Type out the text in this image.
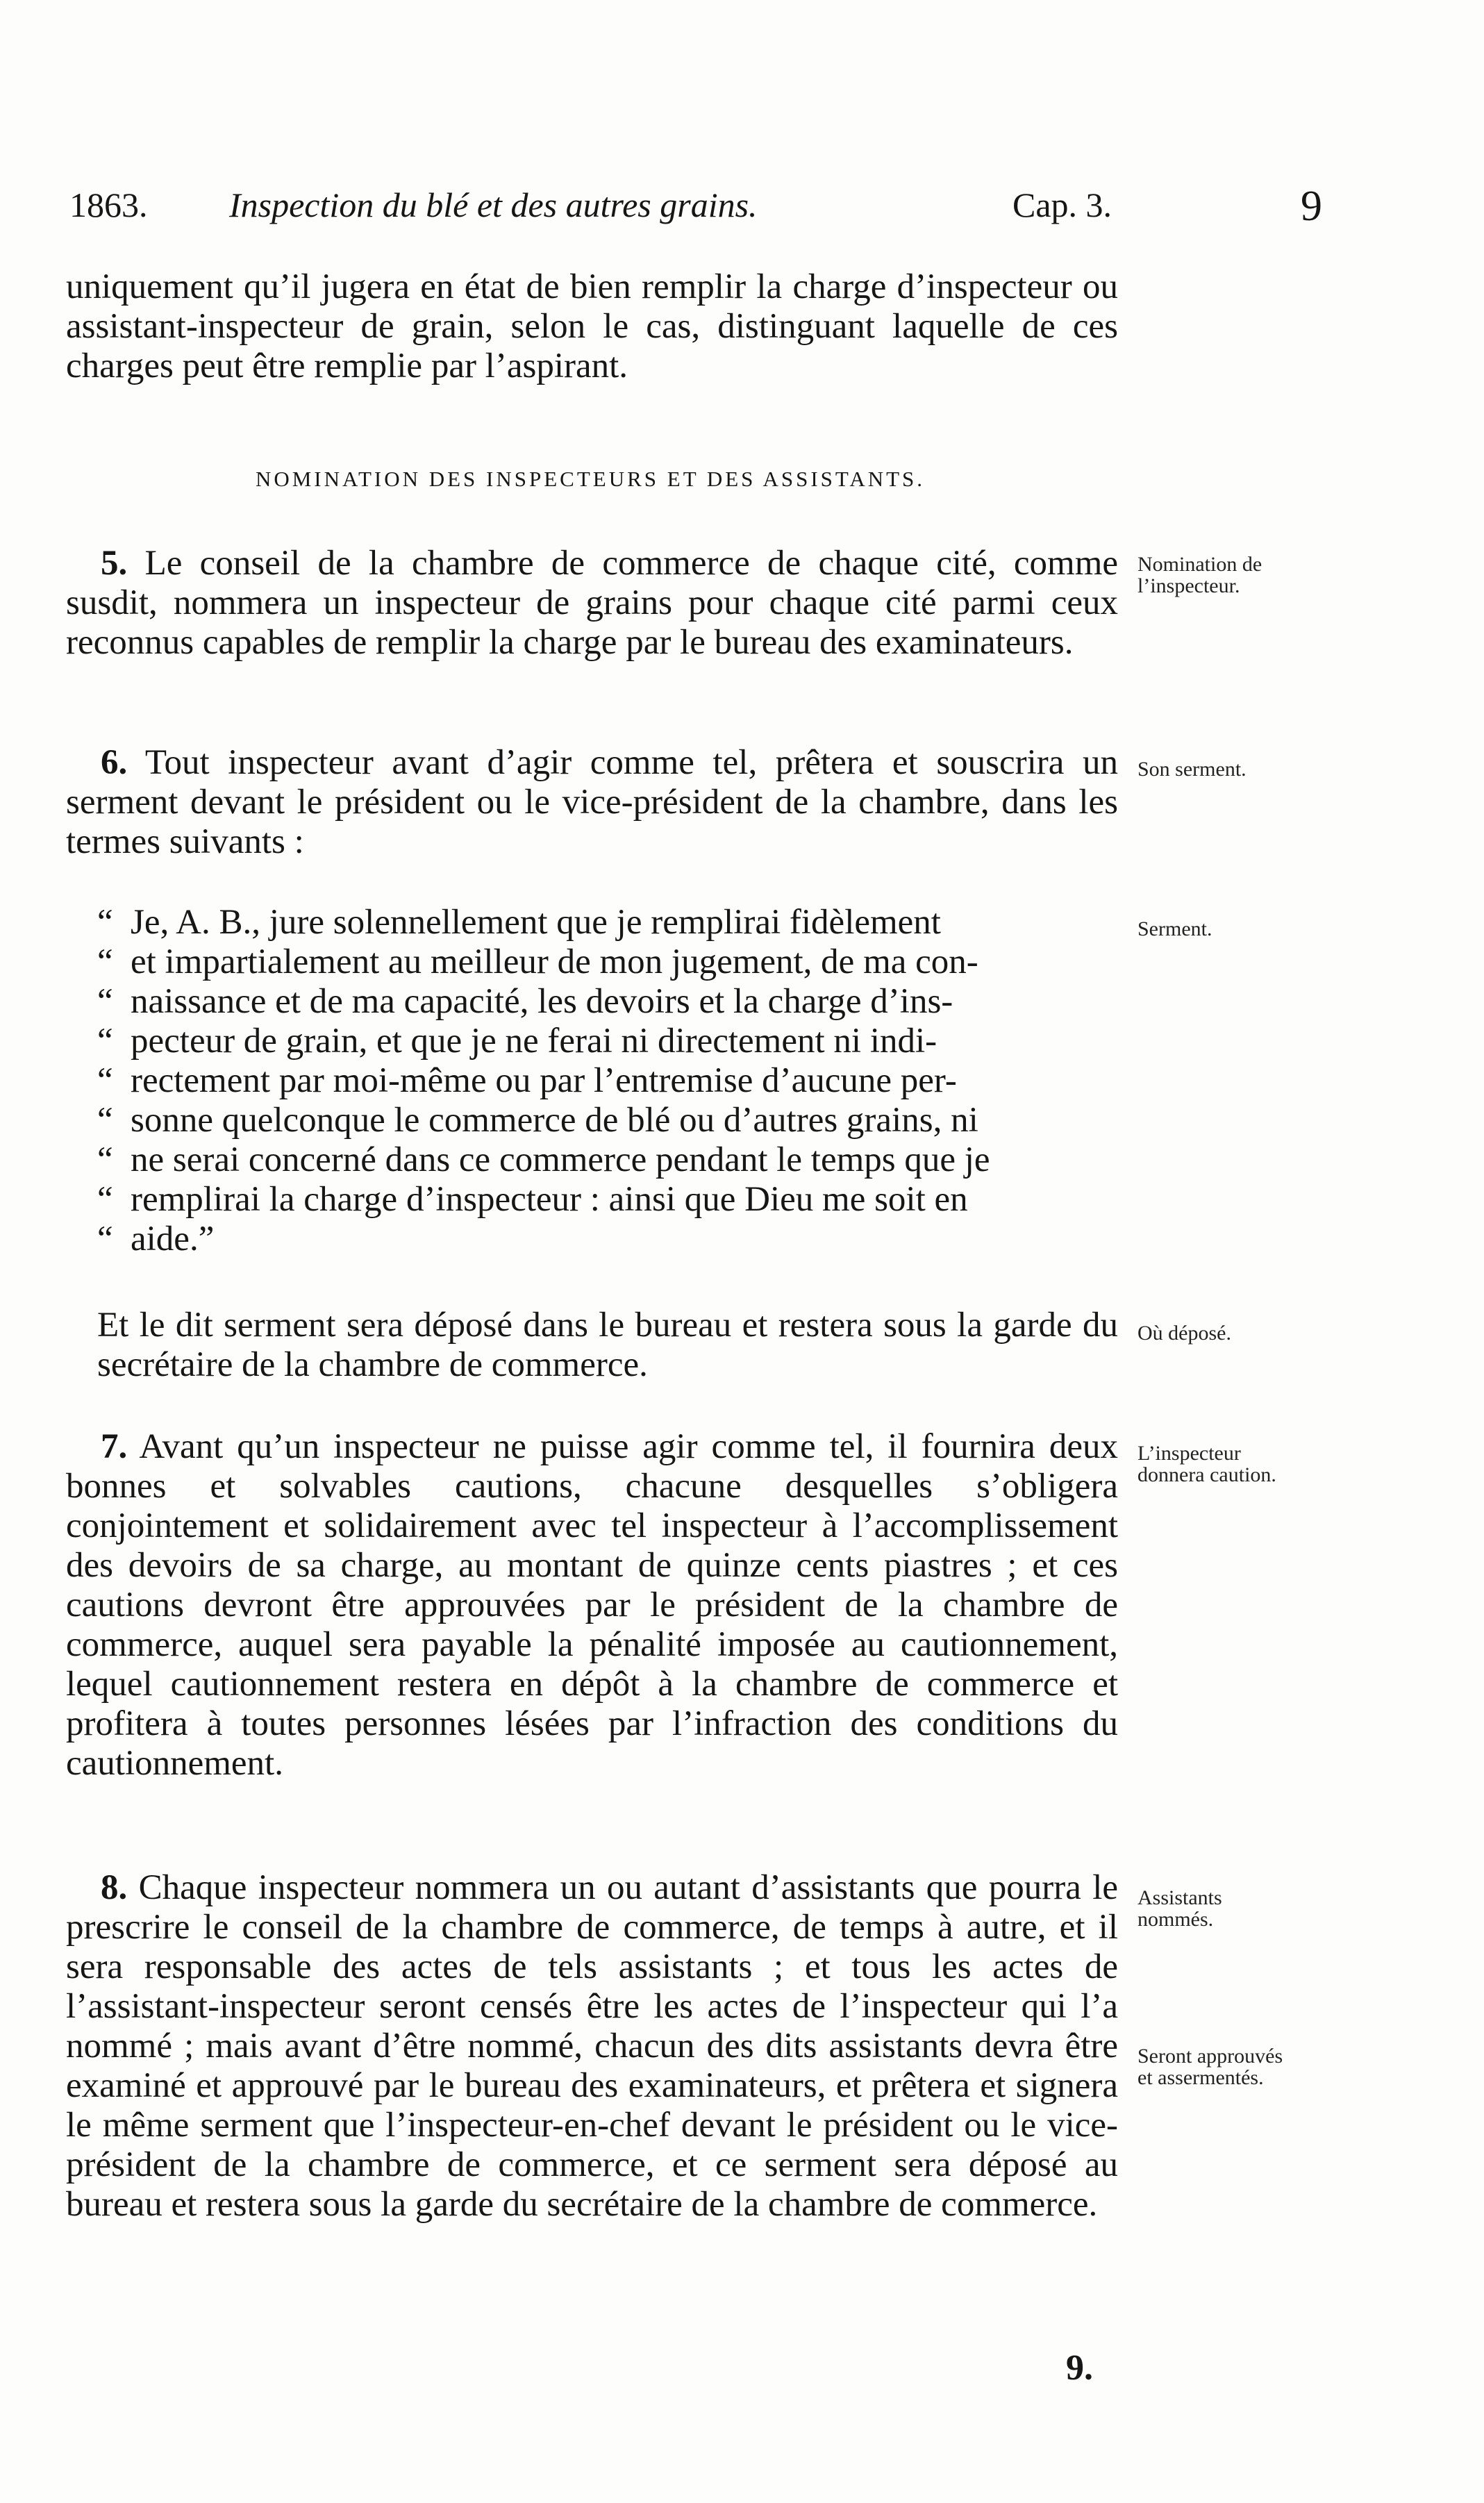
1863. Inspection du blé et des autres grains.	Cap. 3.	9

uniquement qu’il jugera en état de bien remplir la charge d’inspecteur ou assistant-inspecteur de grain, selon le cas, distinguant laquelle de ces charges peut être remplie par l’aspirant.

NOMINATION DES INSPECTEURS ET DES ASSISTANTS.

5. Le conseil de la chambre de commerce de chaque cité, comme susdit, nommera un inspecteur de grains pour chaque cité parmi ceux reconnus capables de remplir la charge par le bureau des examinateurs.

Nomination de l’inspecteur.

6. Tout inspecteur avant d’agir comme tel, prêtera et souscrira un serment devant le président ou le vice-président de la chambre, dans les termes suivants :

Son serment.

“ Je, A. B., jure solennellement que je remplirai fidèlement

“ et impartialement au meilleur de mon jugement, de ma con-

“ naissance et de ma capacité, les devoirs et la charge d’ins-

“ pecteur de grain, et que je ne ferai ni directement ni indi-

“ rectement par moi-même ou par l’entremise d’aucune per-

“ sonne quelconque le commerce de blé ou d’autres grains, ni

“ ne serai concerné dans ce commerce pendant le temps que je

“ remplirai la charge d’inspecteur : ainsi que Dieu me soit en

“ aide.”

Serment.

Et le dit serment sera déposé dans le bureau et restera sous la garde du secrétaire de la chambre de commerce.

Où déposé.

7. Avant qu’un inspecteur ne puisse agir comme tel, il fournira deux bonnes et solvables cautions, chacune desquelles s’obligera conjointement et solidairement avec tel inspecteur à l’accomplissement des devoirs de sa charge, au montant de quinze cents piastres ; et ces cautions devront être approuvées par le président de la chambre de commerce, auquel sera payable la pénalité imposée au cautionnement, lequel cautionnement restera en dépôt à la chambre de commerce et profitera à toutes personnes lésées par l’infraction des conditions du cautionnement.

L’inspecteur donnera caution.

8. Chaque inspecteur nommera un ou autant d’assistants que pourra le prescrire le conseil de la chambre de commerce, de temps à autre, et il sera responsable des actes de tels assistants ; et tous les actes de l’assistant-inspecteur seront censés être les actes de l’inspecteur qui l’a nommé ; mais avant d’être nommé, chacun des dits assistants devra être examiné et approuvé par le bureau des examinateurs, et prêtera et signera le même serment que l’inspecteur-en-chef devant le président ou le vice-président de la chambre de commerce, et ce serment sera déposé au bureau et restera sous la garde du secrétaire de la chambre de commerce.

Assistants nommés.
Seront approuvés et assermentés.
9.
